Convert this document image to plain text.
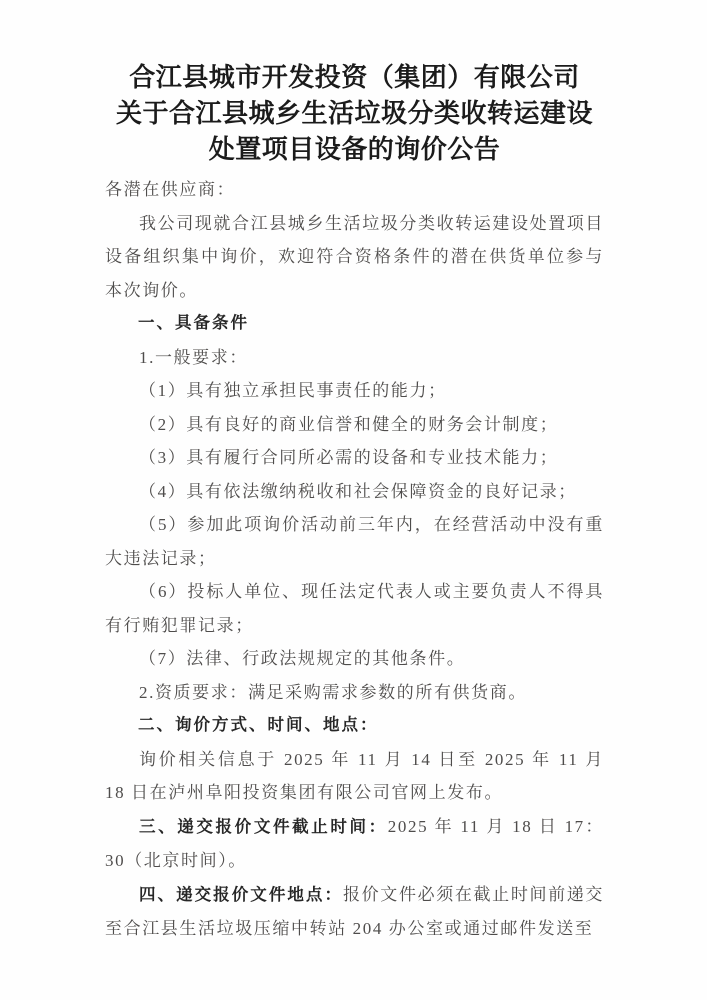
合江县城市开发投资（集团）有限公司
关于合江县城乡生活垃圾分类收转运建设
处置项目设备的询价公告

各潜在供应商：

我公司现就合江县城乡生活垃圾分类收转运建设处置项目设备组织集中询价，欢迎符合资格条件的潜在供货单位参与本次询价。

一、具备条件

1.一般要求：

（1）具有独立承担民事责任的能力；

（2）具有良好的商业信誉和健全的财务会计制度；

（3）具有履行合同所必需的设备和专业技术能力；

（4）具有依法缴纳税收和社会保障资金的良好记录；

（5）参加此项询价活动前三年内，在经营活动中没有重大违法记录；

（6）投标人单位、现任法定代表人或主要负责人不得具有行贿犯罪记录；

（7）法律、行政法规规定的其他条件。

2.资质要求：满足采购需求参数的所有供货商。

二、询价方式、时间、地点：

询价相关信息于 2025 年 11 月 14 日至 2025 年 11 月 18 日在泸州阜阳投资集团有限公司官网上发布。

三、递交报价文件截止时间：2025 年 11 月 18 日 17：30（北京时间）。

四、递交报价文件地点：报价文件必须在截止时间前递交至合江县生活垃圾压缩中转站 204 办公室或通过邮件发送至
